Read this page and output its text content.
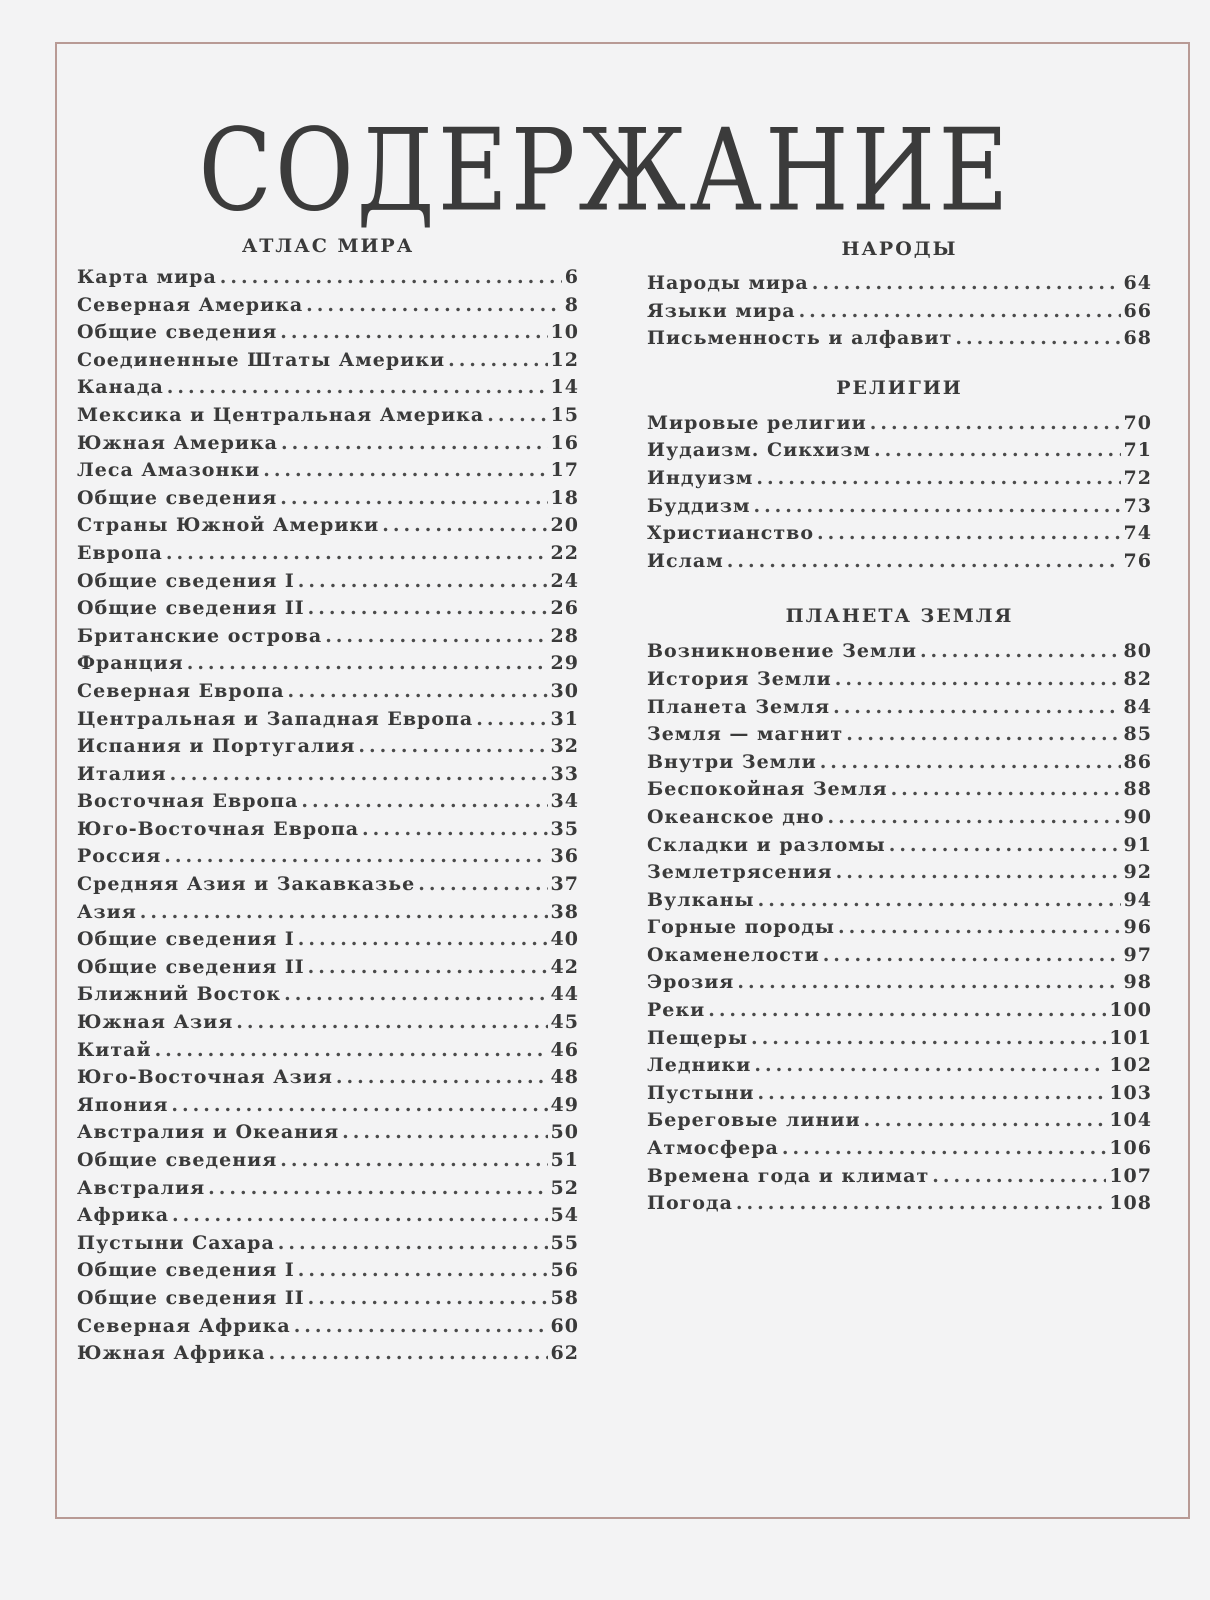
СОДЕРЖАНИЕ
АТЛАС МИРА
Карта мира .....	6
Северная Америка .....	8
Общие сведения .....	10
Соединенные Штаты Америки .....	12
Канада .....	14
Мексика и Центральная Америка .....	15
Южная Америка .....	16
Леса Амазонки .....	17
Общие сведения .....	18
Страны Южной Америки .....	20
Европа .....	22
Общие сведения I .....	24
Общие сведения II .....	26
Британские острова .....	28
Франция .....	29
Северная Европа .....	30
Центральная и Западная Европа .....	31
Испания и Португалия .....	32
Италия .....	33
Восточная Европа .....	34
Юго-Восточная Европа .....	35
Россия .....	36
Средняя Азия и Закавказье .....	37
Азия .....	38
Общие сведения I .....	40
Общие сведения II .....	42
Ближний Восток .....	44
Южная Азия .....	45
Китай .....	46
Юго-Восточная Азия .....	48
Япония .....	49
Австралия и Океания .....	50
Общие сведения .....	51
Австралия .....	52
Африка .....	54
Пустыни Сахара .....	55
Общие сведения I .....	56
Общие сведения II .....	58
Северная Африка .....	60
Южная Африка .....	62
НАРОДЫ
Народы мира .....	64
Языки мира .....	66
Письменность и алфавит .....	68
РЕЛИГИИ
Мировые религии .....	70
Иудаизм. Сикхизм .....	71
Индуизм .....	72
Буддизм .....	73
Христианство .....	74
Ислам .....	76
ПЛАНЕТА ЗЕМЛЯ
Возникновение Земли .....	80
История Земли .....	82
Планета Земля .....	84
Земля — магнит .....	85
Внутри Земли .....	86
Беспокойная Земля .....	88
Океанское дно .....	90
Складки и разломы .....	91
Землетрясения .....	92
Вулканы .....	94
Горные породы .....	96
Окаменелости .....	97
Эрозия .....	98
Реки .....	100
Пещеры .....	101
Ледники .....	102
Пустыни .....	103
Береговые линии .....	104
Атмосфера .....	106
Времена года и климат .....	107
Погода .....	108
